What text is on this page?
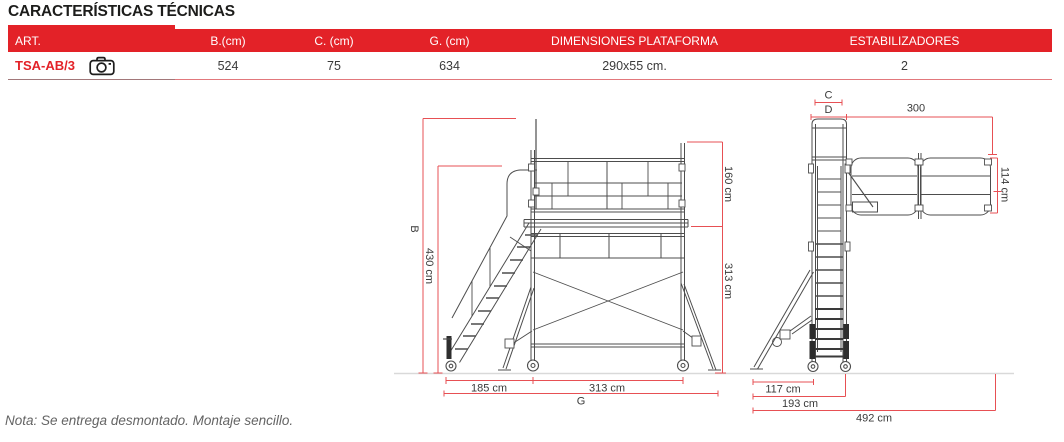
CARACTERÍSTICAS TÉCNICAS
ART.	B.(cm)	C. (cm)	G. (cm)	DIMENSIONES PLATAFORMA	ESTABILIZADORES
TSA-AB/3	524	75	634	290x55 cm.	2
B
430 cm
160 cm
313 cm
185 cm	313 cm
G
C
D	300
114 cm
117 cm
193 cm
492 cm
Nota: Se entrega desmontado. Montaje sencillo.
